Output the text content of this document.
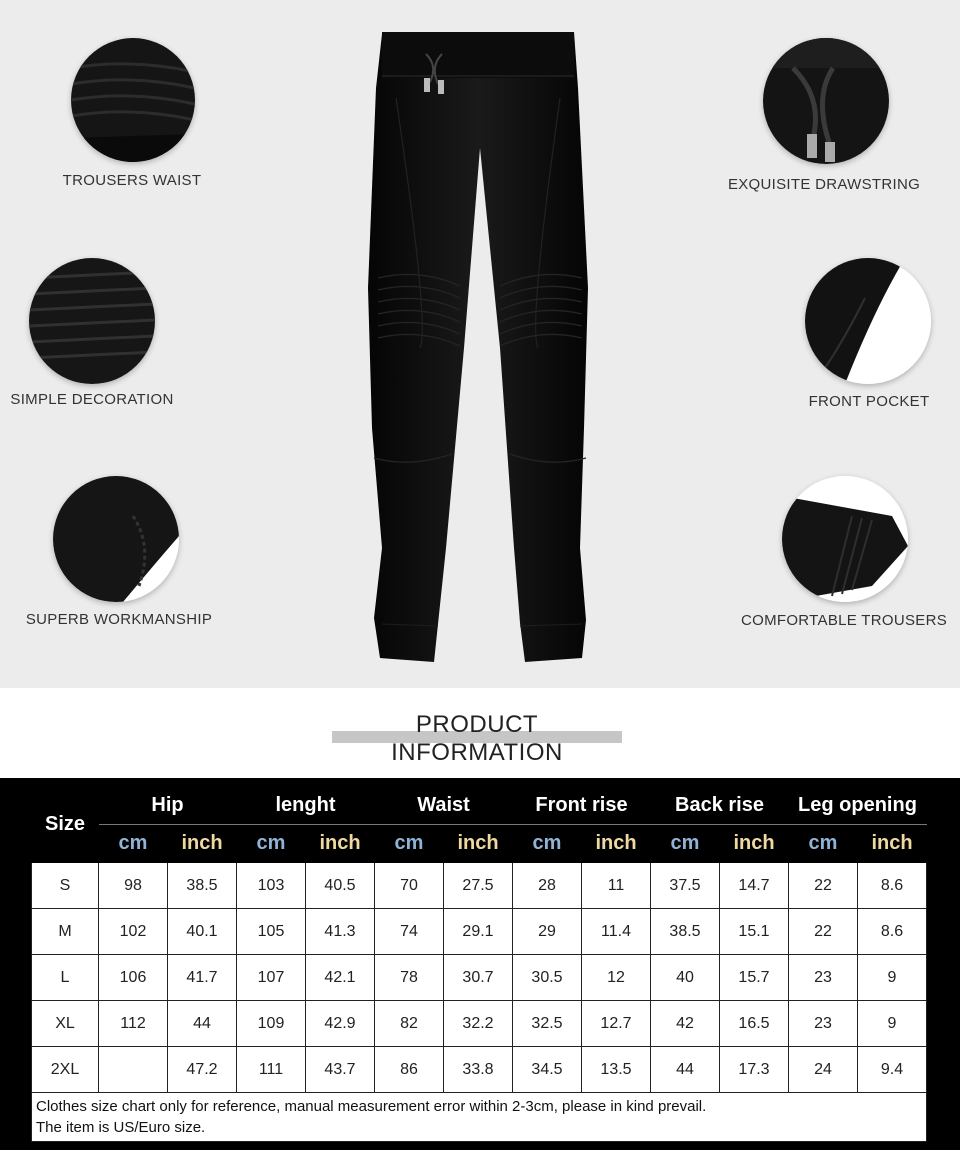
TROUSERS WAIST	EXQUISITE DRAWSTRING
SIMPLE DECORATION	FRONT POCKET
SUPERB WORKMANSHIP	COMFORTABLE TROUSERS
PRODUCT INFORMATION
Size	Hip		lenght		Waist		Front rise		Back rise		Leg opening	
	cm	inch	cm	inch	cm	inch	cm	inch	cm	inch	cm	inch
S	98	38.5	103	40.5	70	27.5	28	11	37.5	14.7	22	8.6
M	102	40.1	105	41.3	74	29.1	29	11.4	38.5	15.1	22	8.6
L	106	41.7	107	42.1	78	30.7	30.5	12	40	15.7	23	9
XL	112	44	109	42.9	82	32.2	32.5	12.7	42	16.5	23	9
2XL		47.2	111	43.7	86	33.8	34.5	13.5	44	17.3	24	9.4

Clothes size chart only for reference, manual measurement error within 2-3cm, please in kind prevail.
The item is US/Euro size.												
